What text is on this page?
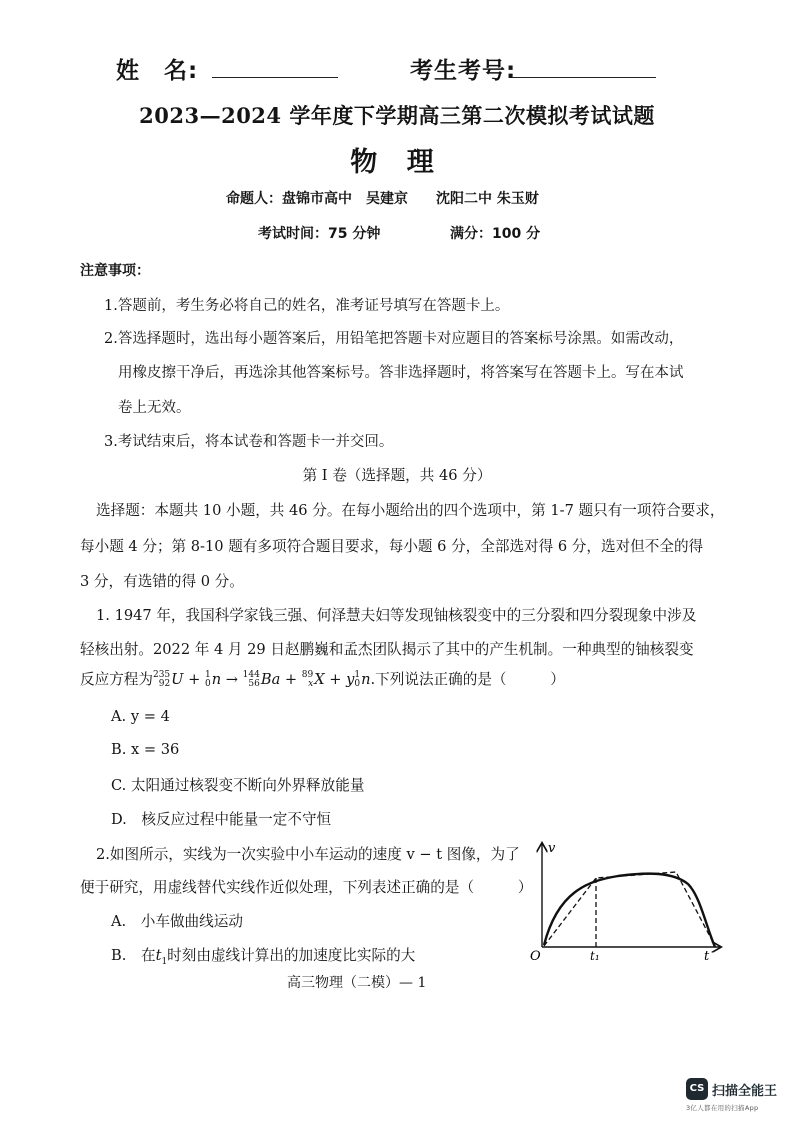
姓　名:	考生考号:
2023—2024 学年度下学期高三第二次模拟考试试题
物 理
命题人：盘锦市高中　吴建京　　沈阳二中 朱玉财
考试时间：75 分钟	满分：100 分
注意事项：
1.答题前，考生务必将自己的姓名，准考证号填写在答题卡上。
2.答选择题时，选出每小题答案后，用铅笔把答题卡对应题目的答案标号涂黑。如需改动，
用橡皮擦干净后，再选涂其他答案标号。答非选择题时，将答案写在答题卡上。写在本试
卷上无效。
3.考试结束后，将本试卷和答题卡一并交回。
第 I 卷（选择题，共 46 分）
选择题：本题共 10 小题，共 46 分。在每小题给出的四个选项中，第 1-7 题只有一项符合要求，
每小题 4 分；第 8-10 题有多项符合题目要求，每小题 6 分，全部选对得 6 分，选对但不全的得
3 分，有选错的得 0 分。
1. 1947 年，我国科学家钱三强、何泽慧夫妇等发现铀核裂变中的三分裂和四分裂现象中涉及
轻核出射。2022 年 4 月 29 日赵鹏巍和孟杰团队揭示了其中的产生机制。一种典型的铀核裂变
反应方程为 235
92 U + 1
0 n → 144
56 Ba + 89
xX + y 1
0 n.下列说法正确的是（　　　）
A. y = 4
B. x = 36
C. 太阳通过核裂变不断向外界释放能量
D.　核反应过程中能量一定不守恒
2.如图所示，实线为一次实验中小车运动的速度 v − t 图像，为了
便于研究，用虚线替代实线作近似处理，下列表述正确的是（　　　）
A.　小车做曲线运动
B.　在$t_1$时刻由虚线计算出的加速度比实际的大
v
O	t₁	t
高三物理（二模）— 1
CS 扫描全能王
3亿人都在用的扫描App
